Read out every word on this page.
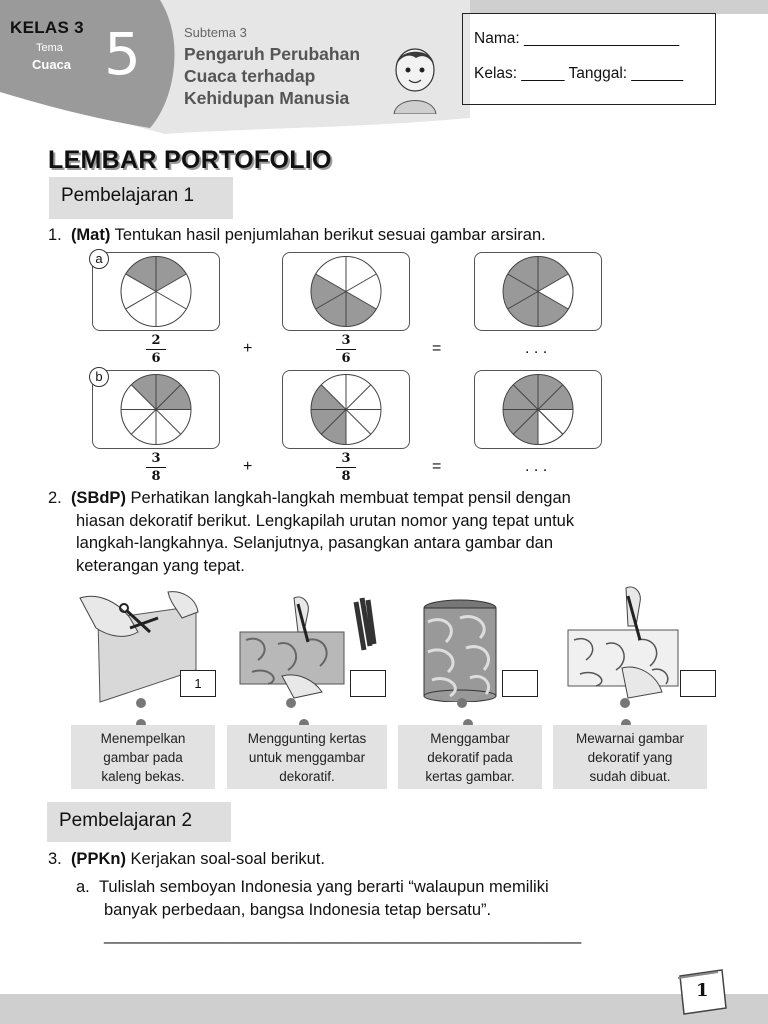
KELAS 3
Tema
Cuaca 5	Subtema 3
Pengaruh Perubahan
Cuaca terhadap
Kehidupan Manusia
Nama: __________________
Kelas: _____ Tanggal: ______
LEMBAR PORTOFOLIO
Pembelajaran 1
1. (Mat) Tentukan hasil penjumlahan berikut sesuai gambar arsiran.
a
2
6
+	3
6
=	. . .
b
3
8
+	3
8
=	. . .
2. (SBdP) Perhatikan langkah-langkah membuat tempat pensil dengan
hiasan dekoratif berikut. Lengkapilah urutan nomor yang tepat untuk
langkah-langkahnya. Selanjutnya, pasangkan antara gambar dan
keterangan yang tepat.
1
Menempelkan
gambar pada
kaleng bekas.
Menggunting kertas
untuk menggambar
dekoratif.
Menggambar
dekoratif pada
kertas gambar.
Mewarnai gambar
dekoratif yang
sudah dibuat.
Pembelajaran 2
3. (PPKn) Kerjakan soal-soal berikut.
a. Tulislah semboyan Indonesia yang berarti “walaupun memiliki
banyak perbedaan, bangsa Indonesia tetap bersatu”.
____________________________________________________
1
